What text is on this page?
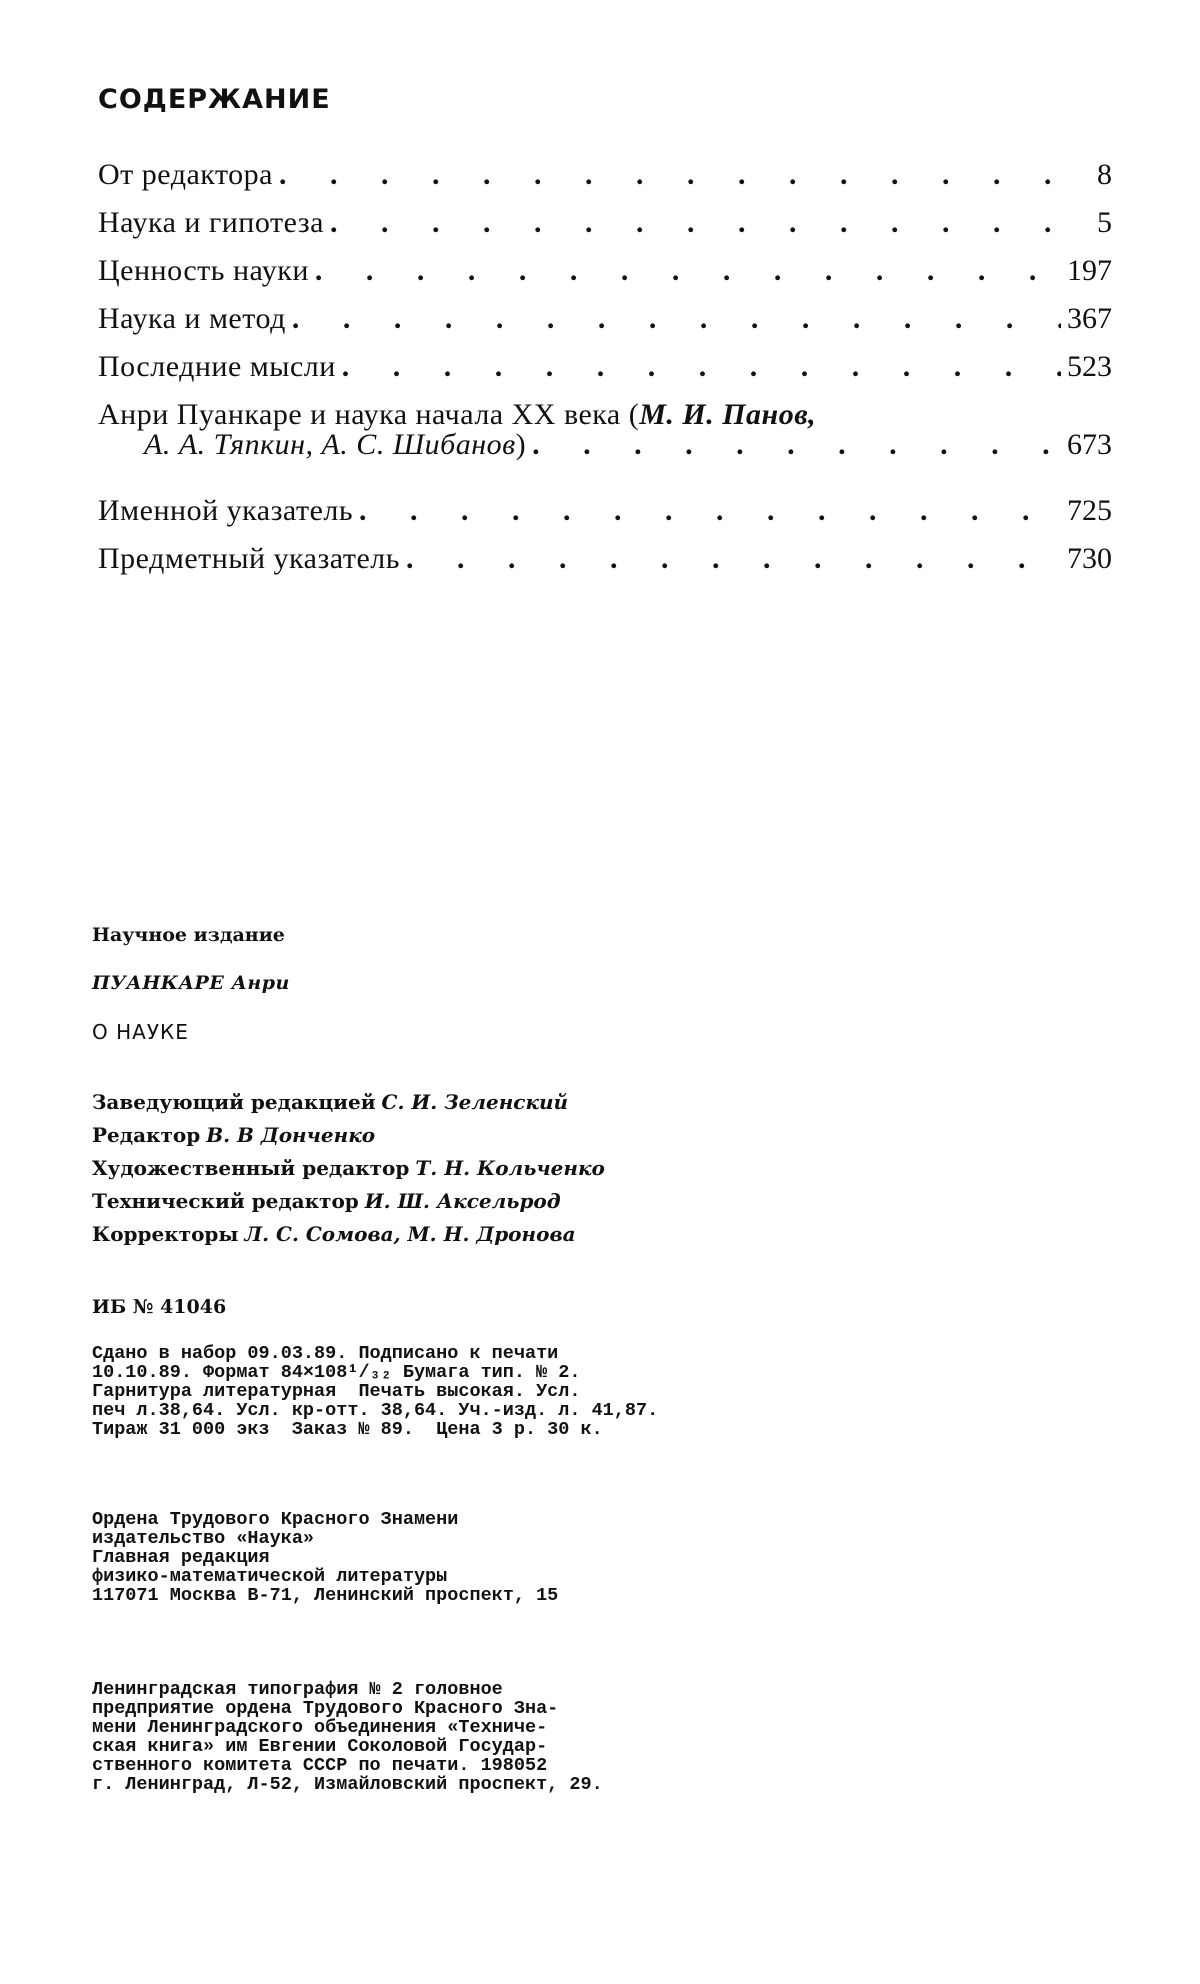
СОДЕРЖАНИЕ
От редактора . . .	8
Наука и гипотеза . . .	5
Ценность науки . . .	197
Наука и метод . . .	367
Последние мысли . . .	523
Анри Пуанкаре и наука начала XX века (М. И. Панов,
А. А. Тяпкин, А. С. Шибанов) . . .	673
Именной указатель . . .	725
Предметный указатель . . .	730
Научное издание
ПУАНКАРЕ Анри
О НАУКЕ
Заведующий редакцией С. И. Зеленский
Редактор В. В Донченко
Художественный редактор Т. Н. Кольченко
Технический редактор И. Ш. Аксельрод
Корректоры Л. С. Сомова, М. Н. Дронова
ИБ № 41046
Сдано в набор 09.03.89. Подписано к печати
10.10.89. Формат 84×108¹/₃₂ Бумага тип. № 2.
Гарнитура литературная  Печать высокая. Усл.
печ л.38,64. Усл. кр-отт. 38,64. Уч.-изд. л. 41,87.
Тираж 31 000 экз  Заказ № 89.  Цена 3 р. 30 к.
Ордена Трудового Красного Знамени
издательство «Наука»
Главная редакция
физико-математической литературы
117071 Москва В-71, Ленинский проспект, 15
Ленинградская типография № 2 головное
предприятие ордена Трудового Красного Зна-
мени Ленинградского объединения «Техниче-
ская книга» им Евгении Соколовой Государ-
ственного комитета СССР по печати. 198052
г. Ленинград, Л-52, Измайловский проспект, 29.
